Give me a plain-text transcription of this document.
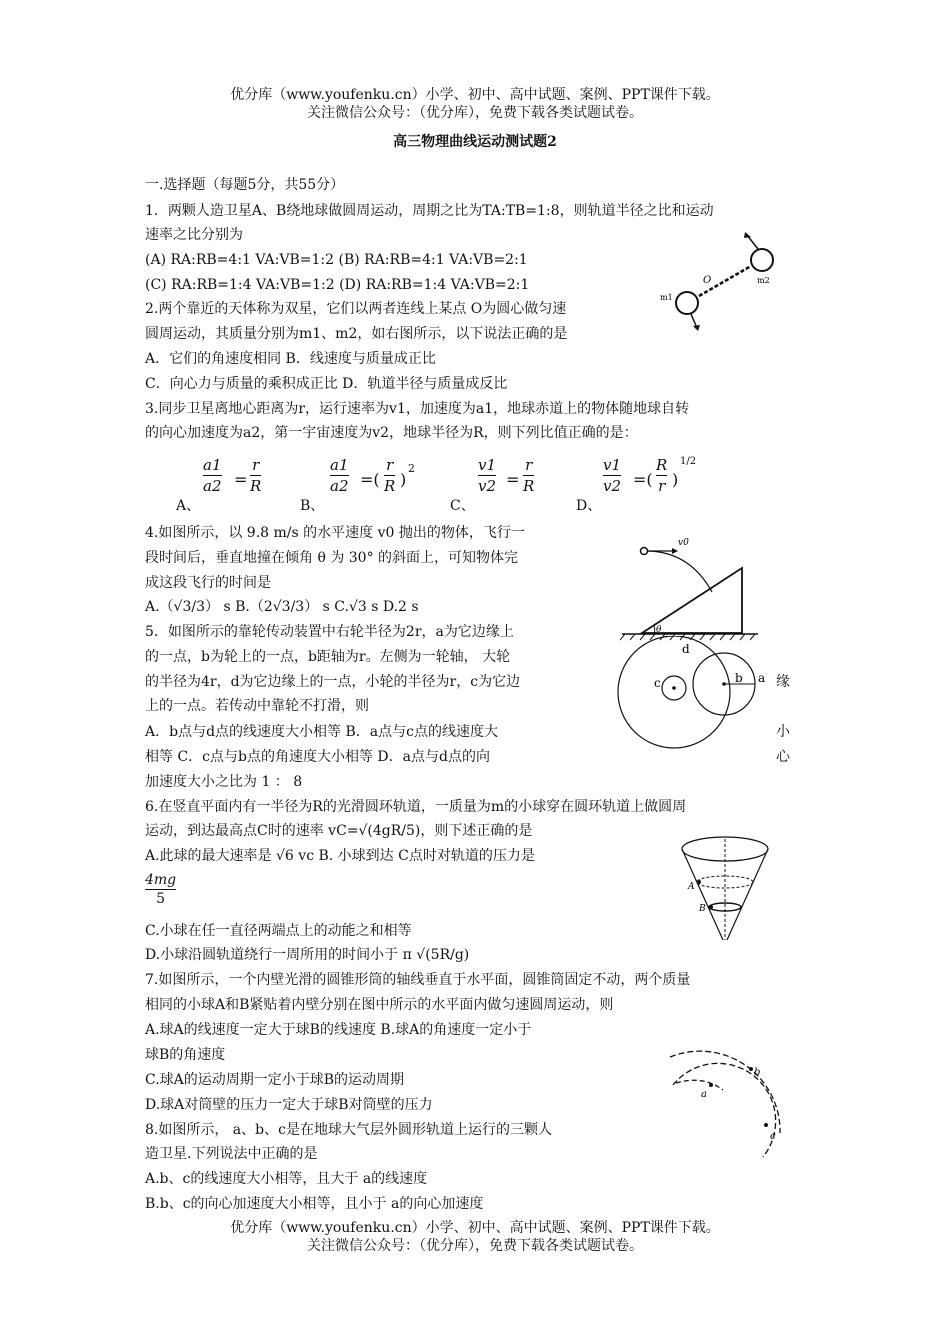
优分库（www.youfenku.cn）小学、初中、高中试题、案例、PPT课件下载。
关注微信公众号：（优分库），免费下载各类试题试卷。
高三物理曲线运动测试题2
一.选择题（每题5分，共55分）
1．两颗人造卫星A、B绕地球做圆周运动，周期之比为TA:TB=1:8，则轨道半径之比和运动
速率之比分别为
(A) RA:RB=4:1 VA:VB=1:2 (B) RA:RB=4:1 VA:VB=2:1
(C) RA:RB=1:4 VA:VB=1:2 (D) RA:RB=1:4 VA:VB=2:1
2.两个靠近的天体称为双星，它们以两者连线上某点 O为圆心做匀速
圆周运动，其质量分别为m1、m2，如右图所示，以下说法正确的是
A．它们的角速度相同 B．线速度与质量成正比
C．向心力与质量的乘积成正比 D．轨道半径与质量成反比
3.同步卫星离地心距离为r，运行速率为v1，加速度为a1，地球赤道上的物体随地球自转
的向心加速度为a2，第一宇宙速度为v2，地球半径为R，则下列比值正确的是：
A、
a1
a2 =
r
R
B、
a1
a2 =(
r
R )
2
C、
v1
v2 =
r
R
D、
v1
v2 =(
R
r )
1/2
4.如图所示，以 9.8 m/s 的水平速度 v0 抛出的物体，飞行一
段时间后，垂直地撞在倾角 θ 为 30° 的斜面上，可知物体完
成这段飞行的时间是
A.（√3/3） s B.（2√3/3） s C.√3 s D.2 s
5．如图所示的靠轮传动装置中右轮半径为2r，a为它边缘上
的一点，b为轮上的一点，b距轴为r。左侧为一轮轴， 大轮
的半径为4r，d为它边缘上的一点，小轮的半径为r，c为它边
上的一点。若传动中靠轮不打滑，则
A．b点与d点的线速度大小相等 B．a点与c点的线速度大
相等 C．c点与b点的角速度大小相等 D．a点与d点的向
加速度大小之比为 1 ： 8
缘
小
心
6.在竖直平面内有一半径为R的光滑圆环轨道，一质量为m的小球穿在圆环轨道上做圆周
运动，到达最高点C时的速率 vC=√(4gR/5)，则下述正确的是
A.此球的最大速率是 √6 vc B. 小球到达 C点时对轨道的压力是
4mg
5
C.小球在任一直径两端点上的动能之和相等
D.小球沿圆轨道绕行一周所用的时间小于 π √(5R/g)
7.如图所示，一个内壁光滑的圆锥形筒的轴线垂直于水平面，圆锥筒固定不动，两个质量
相同的小球A和B紧贴着内壁分别在图中所示的水平面内做匀速圆周运动，则
A.球A的线速度一定大于球B的线速度 B.球A的角速度一定小于
球B的角速度
C.球A的运动周期一定小于球B的运动周期
D.球A对筒壁的压力一定大于球B对筒壁的压力
8.如图所示， a、b、c是在地球大气层外圆形轨道上运行的三颗人
造卫星.下列说法中正确的是
A.b、c的线速度大小相等，且大于 a的线速度
B.b、c的向心加速度大小相等，且小于 a的向心加速度
优分库（www.youfenku.cn）小学、初中、高中试题、案例、PPT课件下载。
关注微信公众号：（优分库），免费下载各类试题试卷。
O
m1
m2
v0
θ
d
c	b a
A
B
a
b
c
